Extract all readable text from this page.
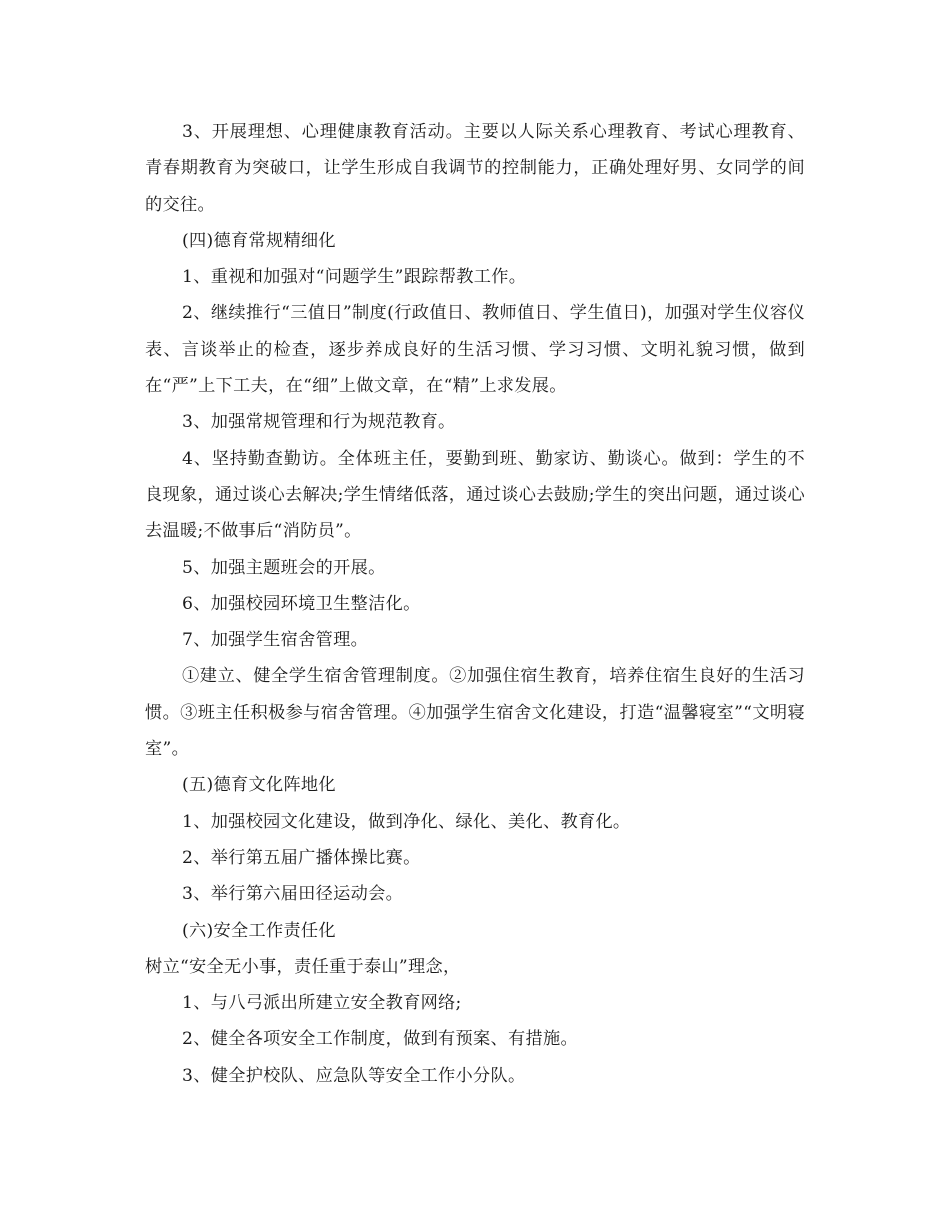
3、开展理想、心理健康教育活动。主要以人际关系心理教育、考试心理教育、青春期教育为突破口，让学生形成自我调节的控制能力，正确处理好男、女同学的间的交往。

(四)德育常规精细化

1、重视和加强对“问题学生”跟踪帮教工作。

2、继续推行“三值日”制度(行政值日、教师值日、学生值日)，加强对学生仪容仪表、言谈举止的检查，逐步养成良好的生活习惯、学习习惯、文明礼貌习惯，做到在“严”上下工夫，在“细”上做文章，在“精”上求发展。

3、加强常规管理和行为规范教育。

4、坚持勤查勤访。全体班主任，要勤到班、勤家访、勤谈心。做到：学生的不良现象，通过谈心去解决;学生情绪低落，通过谈心去鼓励;学生的突出问题，通过谈心去温暖;不做事后“消防员”。

5、加强主题班会的开展。

6、加强校园环境卫生整洁化。

7、加强学生宿舍管理。

①建立、健全学生宿舍管理制度。②加强住宿生教育，培养住宿生良好的生活习惯。③班主任积极参与宿舍管理。④加强学生宿舍文化建设，打造“温馨寝室”“文明寝室”。

(五)德育文化阵地化

1、加强校园文化建设，做到净化、绿化、美化、教育化。

2、举行第五届广播体操比赛。

3、举行第六届田径运动会。

(六)安全工作责任化

树立“安全无小事，责任重于泰山”理念，

1、与八弓派出所建立安全教育网络;

2、健全各项安全工作制度，做到有预案、有措施。

3、健全护校队、应急队等安全工作小分队。
